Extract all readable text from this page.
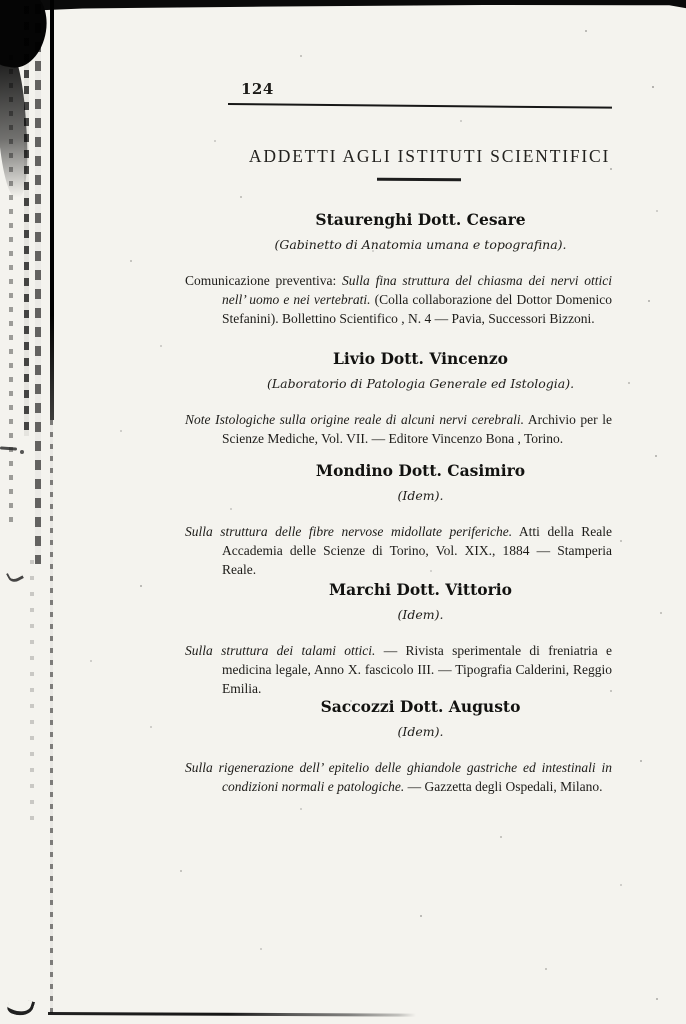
124
ADDETTI AGLI ISTITUTI SCIENTIFICI
Staurenghi Dott. Cesare
(Gabinetto di Anatomia umana e topografina).

Comunicazione preventiva: Sulla fina struttura del chiasma dei nervi ottici nell’ uomo e nei vertebrati. (Colla collaborazione del Dottor Domenico Stefanini). Bollettino Scientifico , N. 4 — Pavia, Successori Bizzoni.

Livio Dott. Vincenzo
(Laboratorio di Patologia Generale ed Istologia).

Note Istologiche sulla origine reale di alcuni nervi cerebrali. Archivio per le Scienze Mediche, Vol. VII. — Editore Vincenzo Bona , Torino.

Mondino Dott. Casimiro
(Idem).

Sulla struttura delle fibre nervose midollate periferiche. Atti della Reale Accademia delle Scienze di Torino, Vol. XIX., 1884 — Stamperia Reale.

Marchi Dott. Vittorio
(Idem).

Sulla struttura dei talami ottici. — Rivista sperimentale di freniatria e medicina legale, Anno X. fascicolo III. — Tipografia Calderini, Reggio Emilia.

Saccozzi Dott. Augusto
(Idem).

Sulla rigenerazione dell’ epitelio delle ghiandole gastriche ed intestinali in condizioni normali e patologiche. — Gazzetta degli Ospedali, Milano.
